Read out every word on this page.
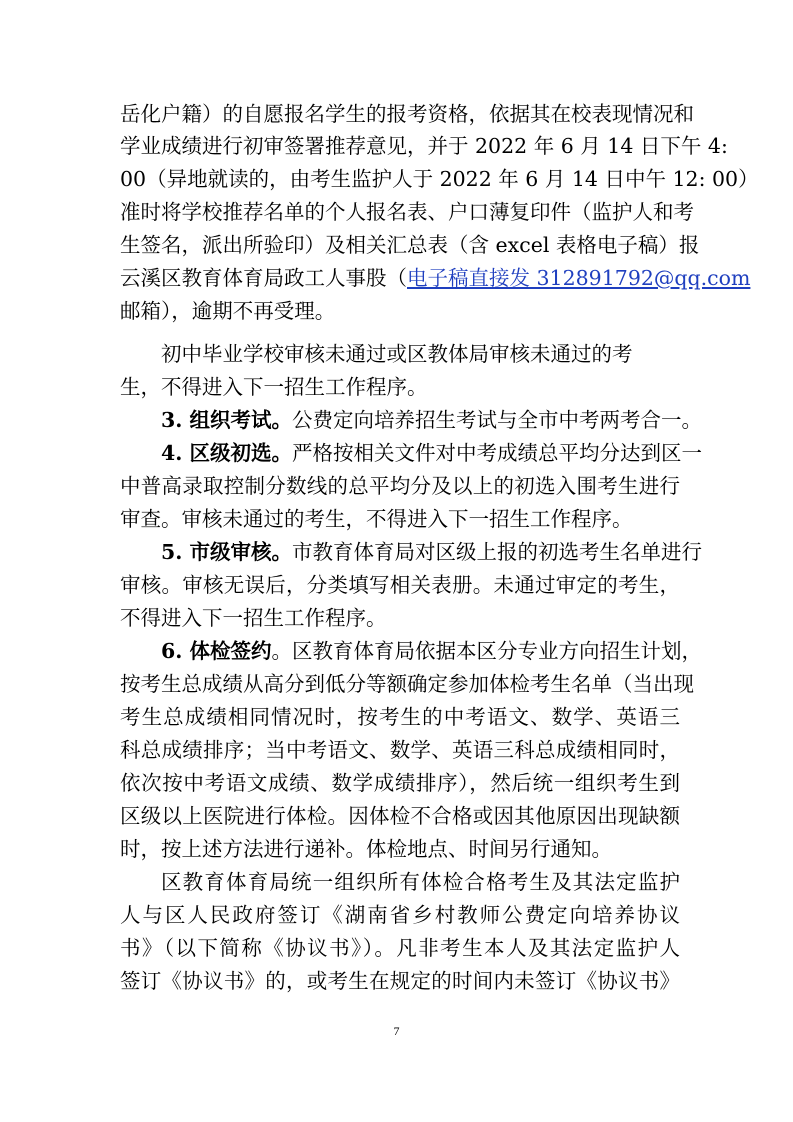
岳化户籍）的自愿报名学生的报考资格，依据其在校表现情况和
学业成绩进行初审签署推荐意见，并于 2022 年 6 月 14 日下午 4:
00（异地就读的，由考生监护人于 2022 年 6 月 14 日中午 12: 00）
准时将学校推荐名单的个人报名表、户口薄复印件（监护人和考
生签名，派出所验印）及相关汇总表（含 excel 表格电子稿）报
云溪区教育体育局政工人事股（电子稿直接发 312891792@qq.com
邮箱），逾期不再受理。
初中毕业学校审核未通过或区教体局审核未通过的考
生，不得进入下一招生工作程序。
3. 组织考试。公费定向培养招生考试与全市中考两考合一。
4. 区级初选。严格按相关文件对中考成绩总平均分达到区一
中普高录取控制分数线的总平均分及以上的初选入围考生进行
审查。审核未通过的考生，不得进入下一招生工作程序。
5. 市级审核。市教育体育局对区级上报的初选考生名单进行
审核。审核无误后，分类填写相关表册。未通过审定的考生，
不得进入下一招生工作程序。
6. 体检签约。区教育体育局依据本区分专业方向招生计划，
按考生总成绩从高分到低分等额确定参加体检考生名单（当出现
考生总成绩相同情况时，按考生的中考语文、数学、英语三
科总成绩排序；当中考语文、数学、英语三科总成绩相同时，
依次按中考语文成绩、数学成绩排序），然后统一组织考生到
区级以上医院进行体检。因体检不合格或因其他原因出现缺额
时，按上述方法进行递补。体检地点、时间另行通知。
区教育体育局统一组织所有体检合格考生及其法定监护
人与区人民政府签订《湖南省乡村教师公费定向培养协议
书》（以下简称《协议书》）。凡非考生本人及其法定监护人
签订《协议书》的，或考生在规定的时间内未签订《协议书》
7
